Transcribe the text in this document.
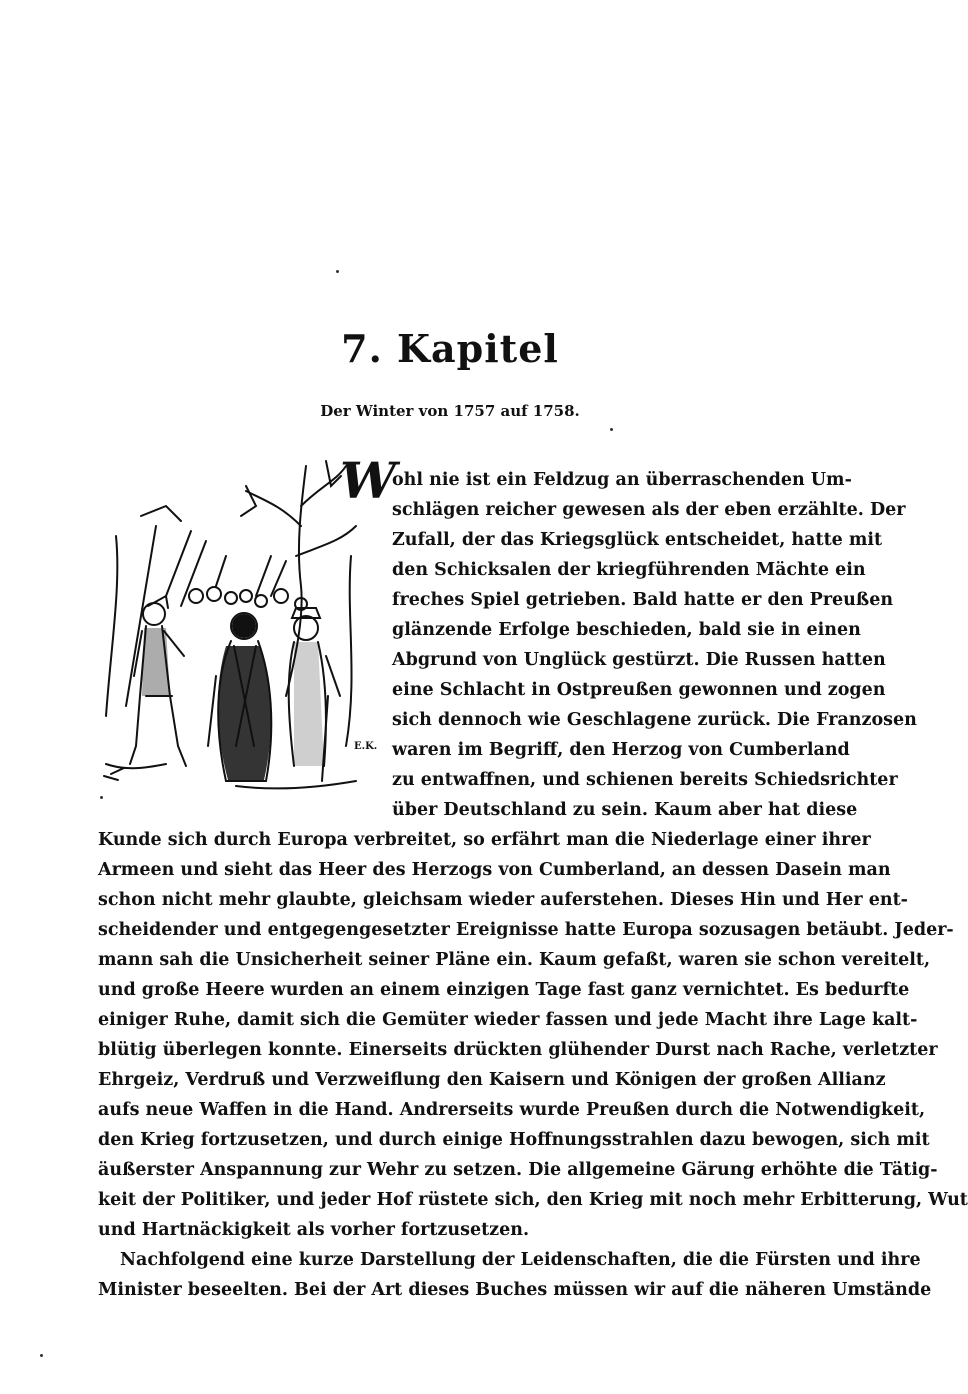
7. Kapitel

Der Winter von 1757 auf 1758.

E.K.
W
ohl nie ist ein Feldzug an überraschenden Um-
schlägen reicher gewesen als der eben erzählte. Der
Zufall, der das Kriegsglück entscheidet, hatte mit
den Schicksalen der kriegführenden Mächte ein
freches Spiel getrieben. Bald hatte er den Preußen
glänzende Erfolge beschieden, bald sie in einen
Abgrund von Unglück gestürzt. Die Russen hatten
eine Schlacht in Ostpreußen gewonnen und zogen
sich dennoch wie Geschlagene zurück. Die Franzosen
waren im Begriff, den Herzog von Cumberland
zu entwaffnen, und schienen bereits Schiedsrichter
über Deutschland zu sein. Kaum aber hat diese
Kunde sich durch Europa verbreitet, so erfährt man die Niederlage einer ihrer
Armeen und sieht das Heer des Herzogs von Cumberland, an dessen Dasein man
schon nicht mehr glaubte, gleichsam wieder auferstehen. Dieses Hin und Her ent-
scheidender und entgegengesetzter Ereignisse hatte Europa sozusagen betäubt. Jeder-
mann sah die Unsicherheit seiner Pläne ein. Kaum gefaßt, waren sie schon vereitelt,
und große Heere wurden an einem einzigen Tage fast ganz vernichtet. Es bedurfte
einiger Ruhe, damit sich die Gemüter wieder fassen und jede Macht ihre Lage kalt-
blütig überlegen konnte. Einerseits drückten glühender Durst nach Rache, verletzter
Ehrgeiz, Verdruß und Verzweiflung den Kaisern und Königen der großen Allianz
aufs neue Waffen in die Hand. Andrerseits wurde Preußen durch die Notwendigkeit,
den Krieg fortzusetzen, und durch einige Hoffnungsstrahlen dazu bewogen, sich mit
äußerster Anspannung zur Wehr zu setzen. Die allgemeine Gärung erhöhte die Tätig-
keit der Politiker, und jeder Hof rüstete sich, den Krieg mit noch mehr Erbitterung, Wut
und Hartnäckigkeit als vorher fortzusetzen.
Nachfolgend eine kurze Darstellung der Leidenschaften, die die Fürsten und ihre
Minister beseelten. Bei der Art dieses Buches müssen wir auf die näheren Umstände
